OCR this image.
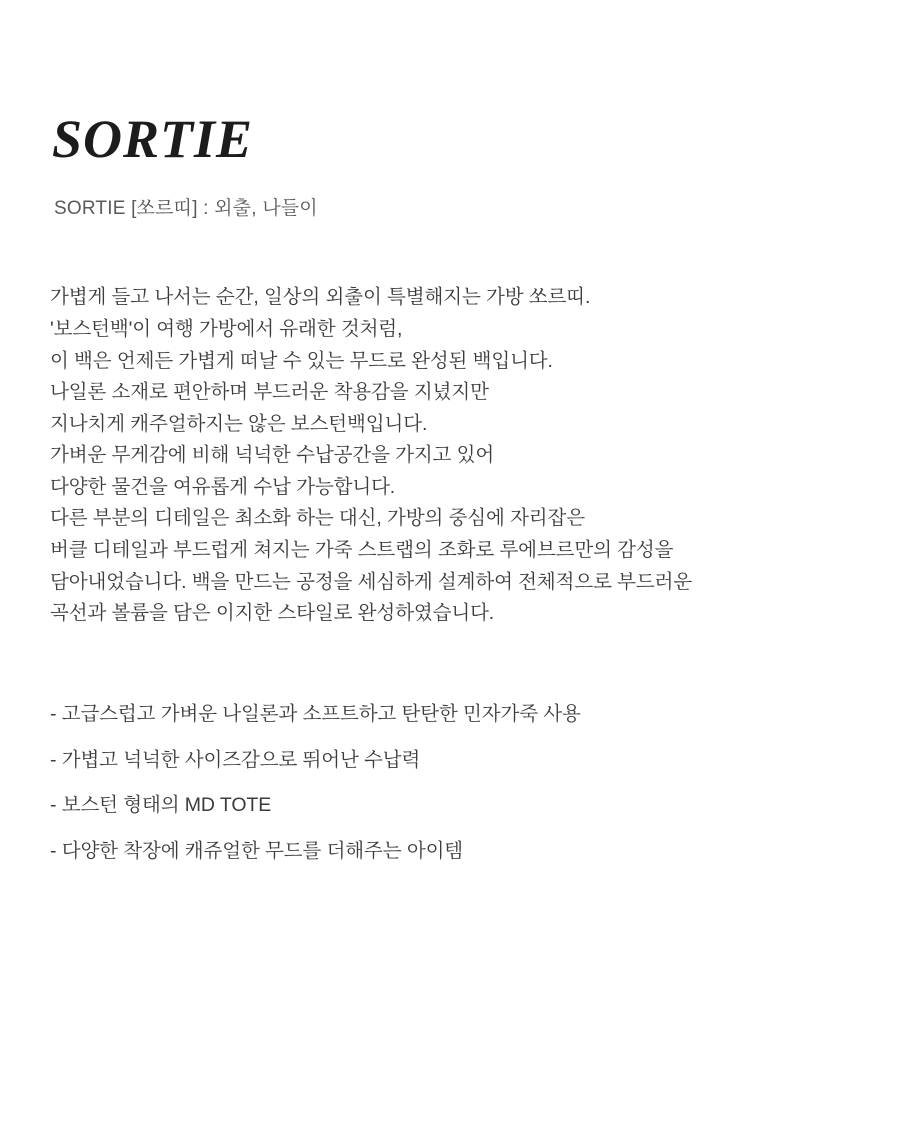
SORTIE
SORTIE [쏘르띠] : 외출, 나들이

가볍게 들고 나서는 순간, 일상의 외출이 특별해지는 가방 쏘르띠.

'보스턴백'이 여행 가방에서 유래한 것처럼,

이 백은 언제든 가볍게 떠날 수 있는 무드로 완성된 백입니다.

나일론 소재로 편안하며 부드러운 착용감을 지녔지만

지나치게 캐주얼하지는 않은 보스턴백입니다.

가벼운 무게감에 비해 넉넉한 수납공간을 가지고 있어

다양한 물건을 여유롭게 수납 가능합니다.

다른 부분의 디테일은 최소화 하는 대신, 가방의 중심에 자리잡은

버클 디테일과 부드럽게 쳐지는 가죽 스트랩의 조화로 루에브르만의 감성을

담아내었습니다. 백을 만드는 공정을 세심하게 설계하여 전체적으로 부드러운

곡선과 볼륨을 담은 이지한 스타일로 완성하였습니다.

- 고급스럽고 가벼운 나일론과 소프트하고 탄탄한 민자가죽 사용
- 가볍고 넉넉한 사이즈감으로 뛰어난 수납력
- 보스턴 형태의 MD TOTE
- 다양한 착장에 캐쥬얼한 무드를 더해주는 아이템
